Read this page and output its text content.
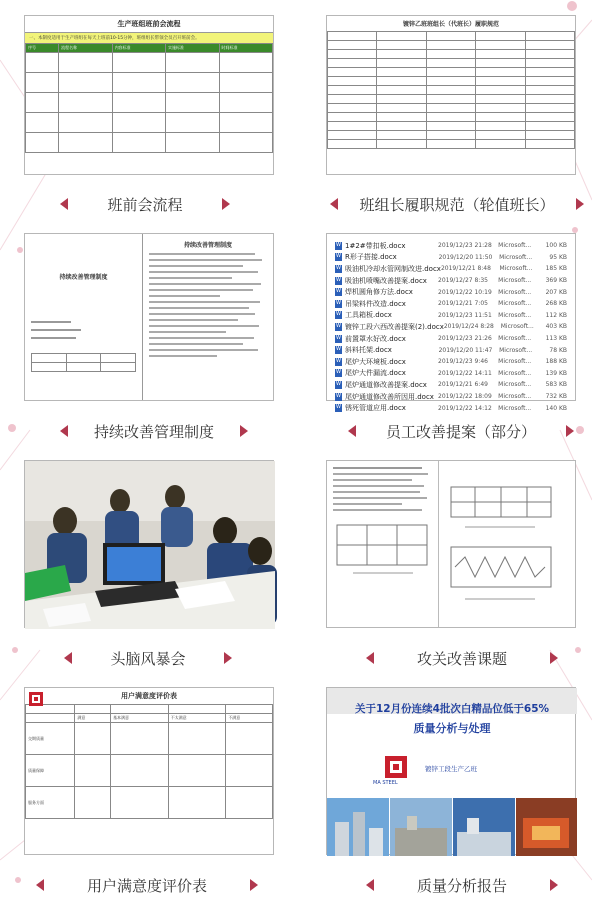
生产班组班前会流程
一、本制度适用于生产班组在每天上班前10-15分钟，班组组长带领全员召开班前会。
序号	流程名称	内容标准	实施标准	时间标准

班前会流程
镀锌乙班班组长（代班长）履职规范

班组长履职规范（轮值班长）
持续改善管理制度

持续改善管理制度
持续改善管理制度
W
1#2#带扣板.docx	2019/12/23 21:28	Microsoft...	100 KB
W
R形子搭接.docx	2019/12/20 11:50	Microsoft...	95 KB
W
吸油机冷却水管网制改进.docx 2019/12/21 8:48	Microsoft...	185 KB
W
吸油机喷嘴改善提案.docx	2019/12/27 8:35	Microsoft...	369 KB
W
焊机圆角修方法.docx	2019/12/22 10:19	Microsoft...	207 KB
W
吊梁料件改造.docx	2019/12/21 7:05	Microsoft...	268 KB
W
工具箱板.docx	2019/12/23 11:51	Microsoft...	112 KB
W
镀锌工段六西改善提案(2).docx 2019/12/24 8:28	Microsoft...	403 KB
W
前置罩水好改.docx	2019/12/23 21:26	Microsoft...	113 KB
W
斜料托架.docx	2019/12/20 11:47	Microsoft...	78 KB
W
尾炉大环境板.docx	2019/12/23 9:46	Microsoft...	188 KB
W
尾炉大件漏流.docx	2019/12/22 14:11	Microsoft...	139 KB
W
尾炉通道修改善提案.docx	2019/12/21 6:49	Microsoft...	583 KB
W
尾炉通道修改善所因用.docx 2019/12/22 18:09	Microsoft...	732 KB
W
锈死管道应用.docx	2019/12/22 14:12	Microsoft...	140 KB
员工改善提案（部分）
头脑风暴会	攻关改善课题
用户满意度评价表

	满意	基本满意	不太满意	不满意
交期质量				
质量保障				
服务方面				
用户满意度评价表
关于12月份连续4批次白精品位低于65%
质量分析与处理
MA STEEL
镀锌工段生产乙班
质量分析报告
